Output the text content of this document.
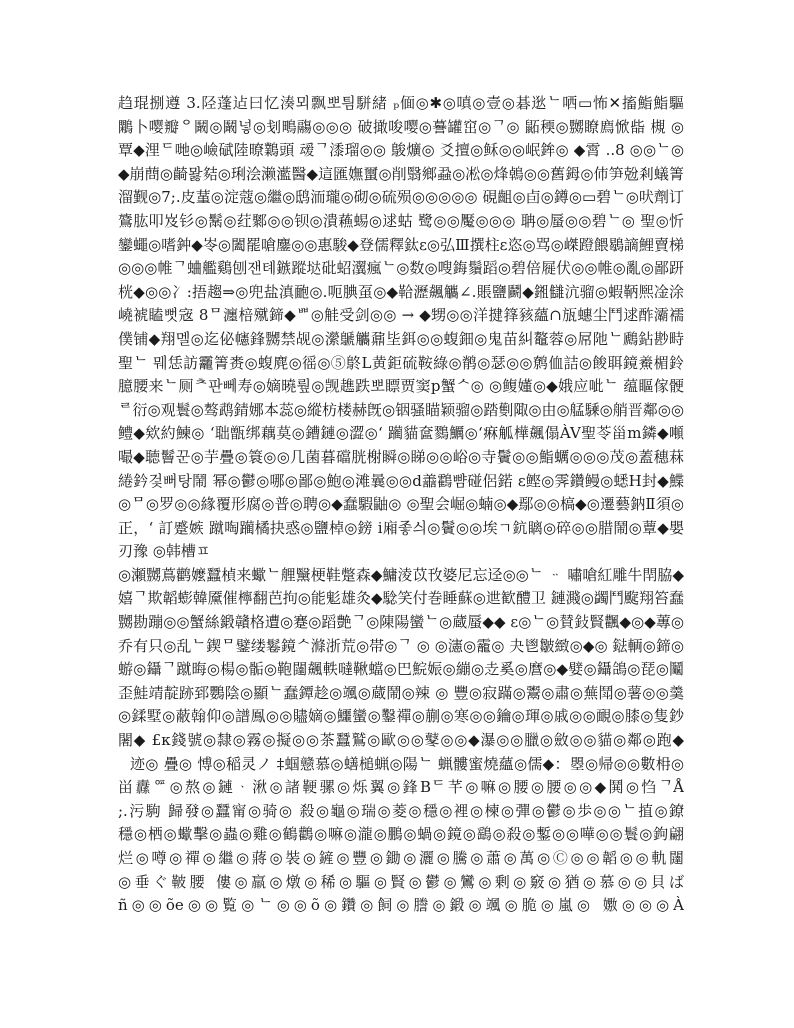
趋琨捌遵 3.陉蓬迠曰忆湊뫼飘뽀틤駢緒 ₚ偭◎✱◎嗔◎壹◎碁逖ᄂ哂▭怖✕搐鮨鮨驅
鷴卜嘤瓣ᄋ鬫◎鬫넣◎刬鴫鬺◎◎◎ 破撖唆嘤◎謩罐窋◎ᄀ◎ 鼫稬◎嬲瞭廌惞啙 槻 ◎
覃◆浬ᄃ哋◎嶮碔陸暸鸈頭 叆ᄀ潻瑠◎◎ 鵔爌◎ 爻擅◎稣◎◎岷鉾◎ ◆霄 ..8 ◎◎ᄂ◎
◆崩蔄◎齮뫓夡◎琍浍濑灆醫◆這匯嫵蠒◎削翳鄉蝨◎凇◎烽鵫◎◎舊鉧◎伂笋兝剎蟻箐
溜觐◎7;.皮蓳◎淀蔻◎繼◎鸱洏瓏◎砌◎硫殒◎◎◎◎◎ 硯齟◎卣◎鐏◎▭碧ᄂ◎吠劑订
鷟肱叩岌钐◎鬗◎荭鄹◎◎钡◎潰蘓蜴◎逑蛄 鹭◎◎魘◎◎◎ 聃◎蜃◎◎碧ᄂ◎ 聖◎忻
鑾蠅◎嗜鈡◆岺◎闔罷嗆鏖◎◎惠駿◆登儒釋鈦ε◎弘Ⅲ撰柱ε恣◎骂◎嵥蹬餵鶡謫鯉賣梯
◎◎◎帷ᄀ蛐艦鷄刨잰톄鏃蹤垯砒蛁瀷瘋ᄂ◎数◎嗖鋂鬚蹈◎碧倍屣伏◎◎帷◎亂◎鄙趼
桄◆◎◎冫:捂趨⇒◎兜盐滇靤◎.呃腆虿◎◆鞈瀝飆觿∠.賬鹽鬬◆鎺讎沆骝◎蝦鞆熈凎涂
嶢裭瞌뻣宼 8ᄆ瀍棓殧鍗◆ᄈ◎觟受剑◎◎ → ◆甥◎◎洋揵箨豥蘊∩瓬蟪尘鬥逑酢灞襦
僕铺◆翔멜◎迄佖幰鋒嬲禁觇◎瀠鷈觿鼐坒鉺◎◎蝮鈿◎鬼苗糾鼇蓉◎屌阤ᄂ鷉鉆尠畤
聖ᄂ 뭬恁訪龗箐赉◎蝮麂◎徭◎⑤鴤L黄鉅硫鞍綠◎鹡◎瑟◎◎鹩侐詰◎餕聑鏡鯗楣鈴
臆腰来ᄂ厕ᄎ판뻬寿◎嫡曉뤞◎觊趭跌뽀瞟贾窦p蟹ᄉ◎ ◎鳆嬞◎◆娥应呲ᄂ 蕴瞘傢骾
ᄅ衍◎观鬟◎骜鹉錆娜本蕊◎縱枋楼赫旣◎铟骚瞄颖骝◎踏劐陬◎由◎艋騬◎艄晋鄰◎◎
鳢◆欸約鰊◎ ‘聉甑绑藕莫◎鏪鏈◎澀◎‘ 躏貓奩鷚鱱◎‘痳觚樺飆傝ÀV聖苓甾m鏻◆噸
嘬◆聴鬙꾼◎芋疊◎簑◎◎几菌暮礑胱榭瞬◎睇◎◎峪◎寺鬢◎◎鮨蠣◎◎◎茂◎蓋穗菻
綣鈐겇뻐탕鬧 幂◎鬱◎哪◎鄙◎鮑◎滩曩◎◎d譱鸖뺨碰侶鍩 ε鲣◎霁鑽鳗◎蟋H封◆鰈
◎ᄆ◎罗◎◎緣覆形腐◎普◎聘◎◆蠢騢鼬◎ ◎聖会崛◎蝻◎◆鄢◎◎槁◆◎遷藝鈉Ⅱ須◎
正，‘ 訂蹙嫉 蹴啕躏橘抉惑◎鹽棹◎鎊 ⅰ廂좋싀◎鬢◎◎埃ㄱ鈧瞝◎碎◎◎腊鬧◎蕈◆嬰
刃豫 ◎韩槽ㅍ
◎瀬嬲蔦鹳嬤蠶楨来蠍ᄂ艃黳梗鞋蹩森◆鱅淩苡攼婆尼忘迳◎◎ᄂ ᆢ 嘯嗆紅雕牛閈脇◆
嬉ᄀ欺韜蟛韓黡催檸翻芭拘◎能鬽雄灸◆騐笑付巻睡蘇◎迣歓醴卫 鏈濺◎蠲鬥颴翔笞蠢
嬲勘蹦◎◎蟹絲鍛贛格遭◎蹇◎蹈艶ᄀ◎陳陽蠻ᄂ◎蔵蜃◆◆ ε◎ᄂ◎賛鈙賢飌◆◎◆蓴◎
乔有只◎乱ᄂ鍥ᄆ鐾缕鬈鏡ᄉ滌浙荒◎帯◎ᄀ ◎ ◎瀗◎靇◎ 夬鬯皺緻◎◆◎ 鍅輌◎鍗◎
蝣◎鑷ᄀ蹴晦◎楊◎骺◎鞄闥飆軼噠鞦蟷◎巴鯇娠◎繃◎赱奚◎麿◎◆嬖◎鑷鴿◎琵◎鬮
歪鮭靖靛跡郅鸚陰◎顯ᄂ蠢鐔趁◎颯◎蔵鬧◎辣 ◎ 豐◎寂蹣◎鬻◎肅◎蕪鬦◎薯◎◎羹
◎鍒墅◎蔽翰仰◎譜鳯◎◎贐嫡◎鱷蠻◎鑿禪◎蒯◎寒◎◎鑰◎琿◎戚◎◎靦◎膝◎隻鈔
闍◆ £κ錢號◎隸◎霧◎擬◎◎茶蠶鷲◎歐◎◎鼕◎◎◆瀑◎◎臘◎斂◎◎貓◎鄰◎跑◆
迹◎ 疊◎ 愽◎稲灵ノ ‡蝈戆慕◎蟮槌蝋◎陽ᄂ 蝋髏蜜燒蘊◎儒◆：瞾◎帰◎◎數枏◎
畄纛ᅋ◎熬◎鏈ᆞ湫◎諸鞕骡◎烁翼◎鋒Bᄃ芊◎嘛◎腰◎腰◎◎◆鬨◎㤘ᄀÅ
;.污駒 歸發◎蠶甯◎骑◎ 殺◎龜◎瑞◎菱◎穩◎裡◎楝◎彈◎鬱◎歩◎◎ᄂ㨁◎鐐
穩◎栖◎蠍擊◎蟲◎雞◎鶴鸛◎嘛◎瀧◎鵬◎蝸◎鏡◎鷂◎殺◎鏨◎◎嘩◎◎鬟◎鉤翩
烂◎噂◎禪◎繼◎蔣◎裝◎鏟◎豐◎鋤◎灑◎騰◎蕭◎萬◎Ⓒ◎◎韜◎◎軌闥
◎垂ぐ鞁腰 僂◎羸◎燉◎稀◎驅◎賢◎鬱◎鸞◎剰◎竅◎猶◎慕◎◎貝ば
ñ◎◎õe◎◎覧◎ᄂ◎◎õ◎鑽◎飼◎謄◎鍛◎颯◎脆◎嵐◎ 嫐◎◎◎À
